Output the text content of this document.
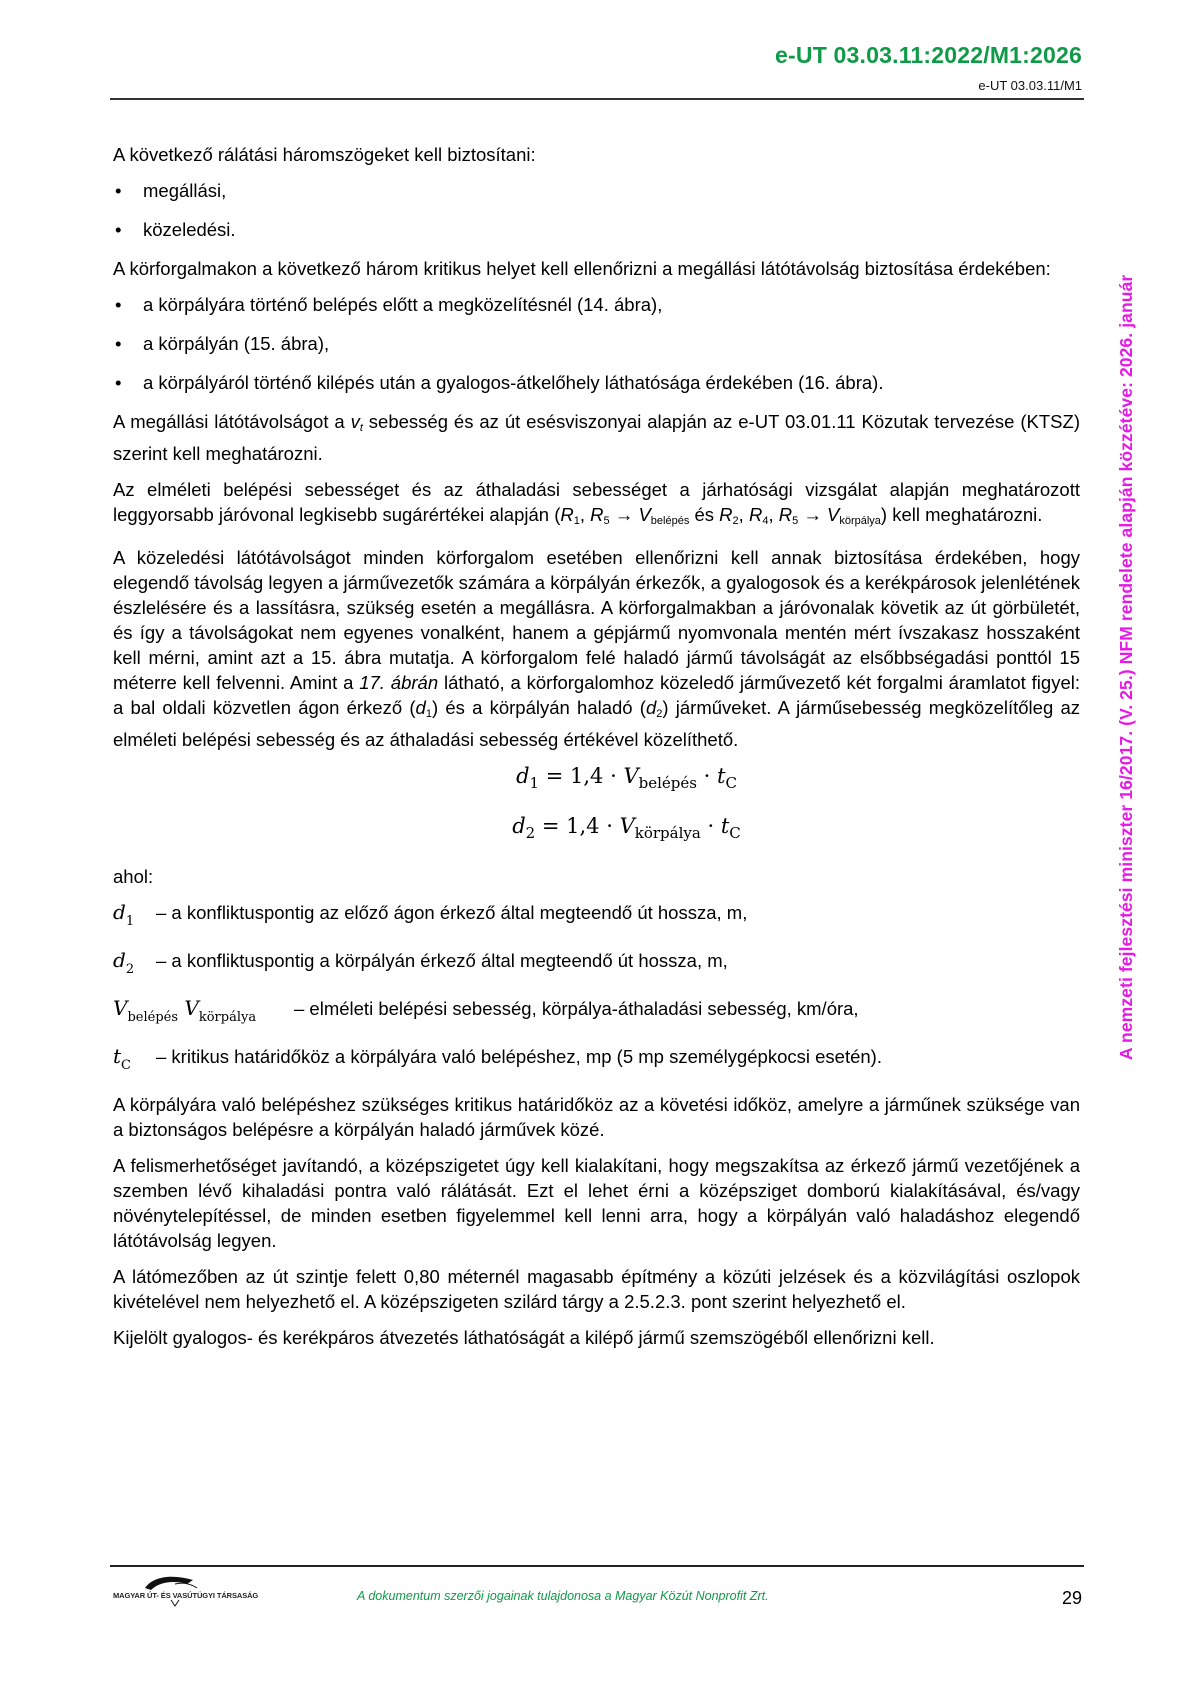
e-UT 03.03.11:2022/M1:2026
e-UT 03.03.11/M1
A nemzeti fejlesztési miniszter 16/2017. (V. 25.) NFM rendelete alapján közzétéve: 2026. január

A következő rálátási háromszögeket kell biztosítani:

• megállási,
• közeledési.

A körforgalmakon a következő három kritikus helyet kell ellenőrizni a megállási látótávolság biztosítása érdekében:

• a körpályára történő belépés előtt a megközelítésnél (14. ábra),
• a körpályán (15. ábra),
• a körpályáról történő kilépés után a gyalogos-átkelőhely láthatósága érdekében (16. ábra).

A megállási látótávolságot a $v_t$ sebesség és az út esésviszonyai alapján az e-UT 03.01.11 Közutak tervezése (KTSZ) szerint kell meghatározni.

Az elméleti belépési sebességet és az áthaladási sebességet a járhatósági vizsgálat alapján meghatározott leggyorsabb járóvonal legkisebb sugárértékei alapján ($R_1$, $R_5 \to V_{belépés}$ és $R_2$, $R_4$, $R_5 \to V_{körpálya}$) kell meghatározni.

A közeledési látótávolságot minden körforgalom esetében ellenőrizni kell annak biztosítása érdekében, hogy elegendő távolság legyen a járművezetők számára a körpályán érkezők, a gyalogosok és a kerékpárosok jelenlétének észlelésére és a lassításra, szükség esetén a megállásra. A körforgalmakban a járóvonalak követik az út görbületét, és így a távolságokat nem egyenes vonalként, hanem a gépjármű nyomvonala mentén mért ívszakasz hosszaként kell mérni, amint azt a 15. ábra mutatja. A körforgalom felé haladó jármű távolságát az elsőbbségadási ponttól 15 méterre kell felvenni. Amint a 17. ábrán látható, a körforgalomhoz közeledő járművezető két forgalmi áramlatot figyel: a bal oldali közvetlen ágon érkező $(d_1)$ és a körpályán haladó $(d_2)$ járműveket. A járműsebesség megközelítőleg az elméleti belépési sebesség és az áthaladási sebesség értékével közelíthető.

$d_1 = 1,4 \cdot V_{belépés} \cdot t_C$
$d_2 = 1,4 \cdot V_{körpálya} \cdot t_C$

ahol:

$d_1$	– a konfliktuspontig az előző ágon érkező által megteendő út hossza, m,
$d_2$	– a konfliktuspontig a körpályán érkező által megteendő út hossza, m,
$V_{belépés}$ $V_{körpálya}$	– elméleti belépési sebesség, körpálya-áthaladási sebesség, km/óra,
$t_C$	– kritikus határidőköz a körpályára való belépéshez, mp (5 mp személygépkocsi esetén).

A körpályára való belépéshez szükséges kritikus határidőköz az a követési időköz, amelyre a járműnek szüksége van a biztonságos belépésre a körpályán haladó járművek közé.

A felismerhetőséget javítandó, a középszigetet úgy kell kialakítani, hogy megszakítsa az érkező jármű vezetőjének a szemben lévő kihaladási pontra való rálátását. Ezt el lehet érni a középsziget domború kialakításával, és/vagy növénytelepítéssel, de minden esetben figyelemmel kell lenni arra, hogy a körpályán való haladáshoz elegendő látótávolság legyen.

A látómezőben az út szintje felett 0,80 méternél magasabb építmény a közúti jelzések és a közvilágítási oszlopok kivételével nem helyezhető el. A középszigeten szilárd tárgy a 2.5.2.3. pont szerint helyezhető el.

Kijelölt gyalogos- és kerékpáros átvezetés láthatóságát a kilépő jármű szemszögéből ellenőrizni kell.

MAGYAR ÚT- ÉS VASÚTÜGYI TÁRSASÁG	A dokumentum szerzői jogainak tulajdonosa a Magyar Közút Nonprofit Zrt.	29
